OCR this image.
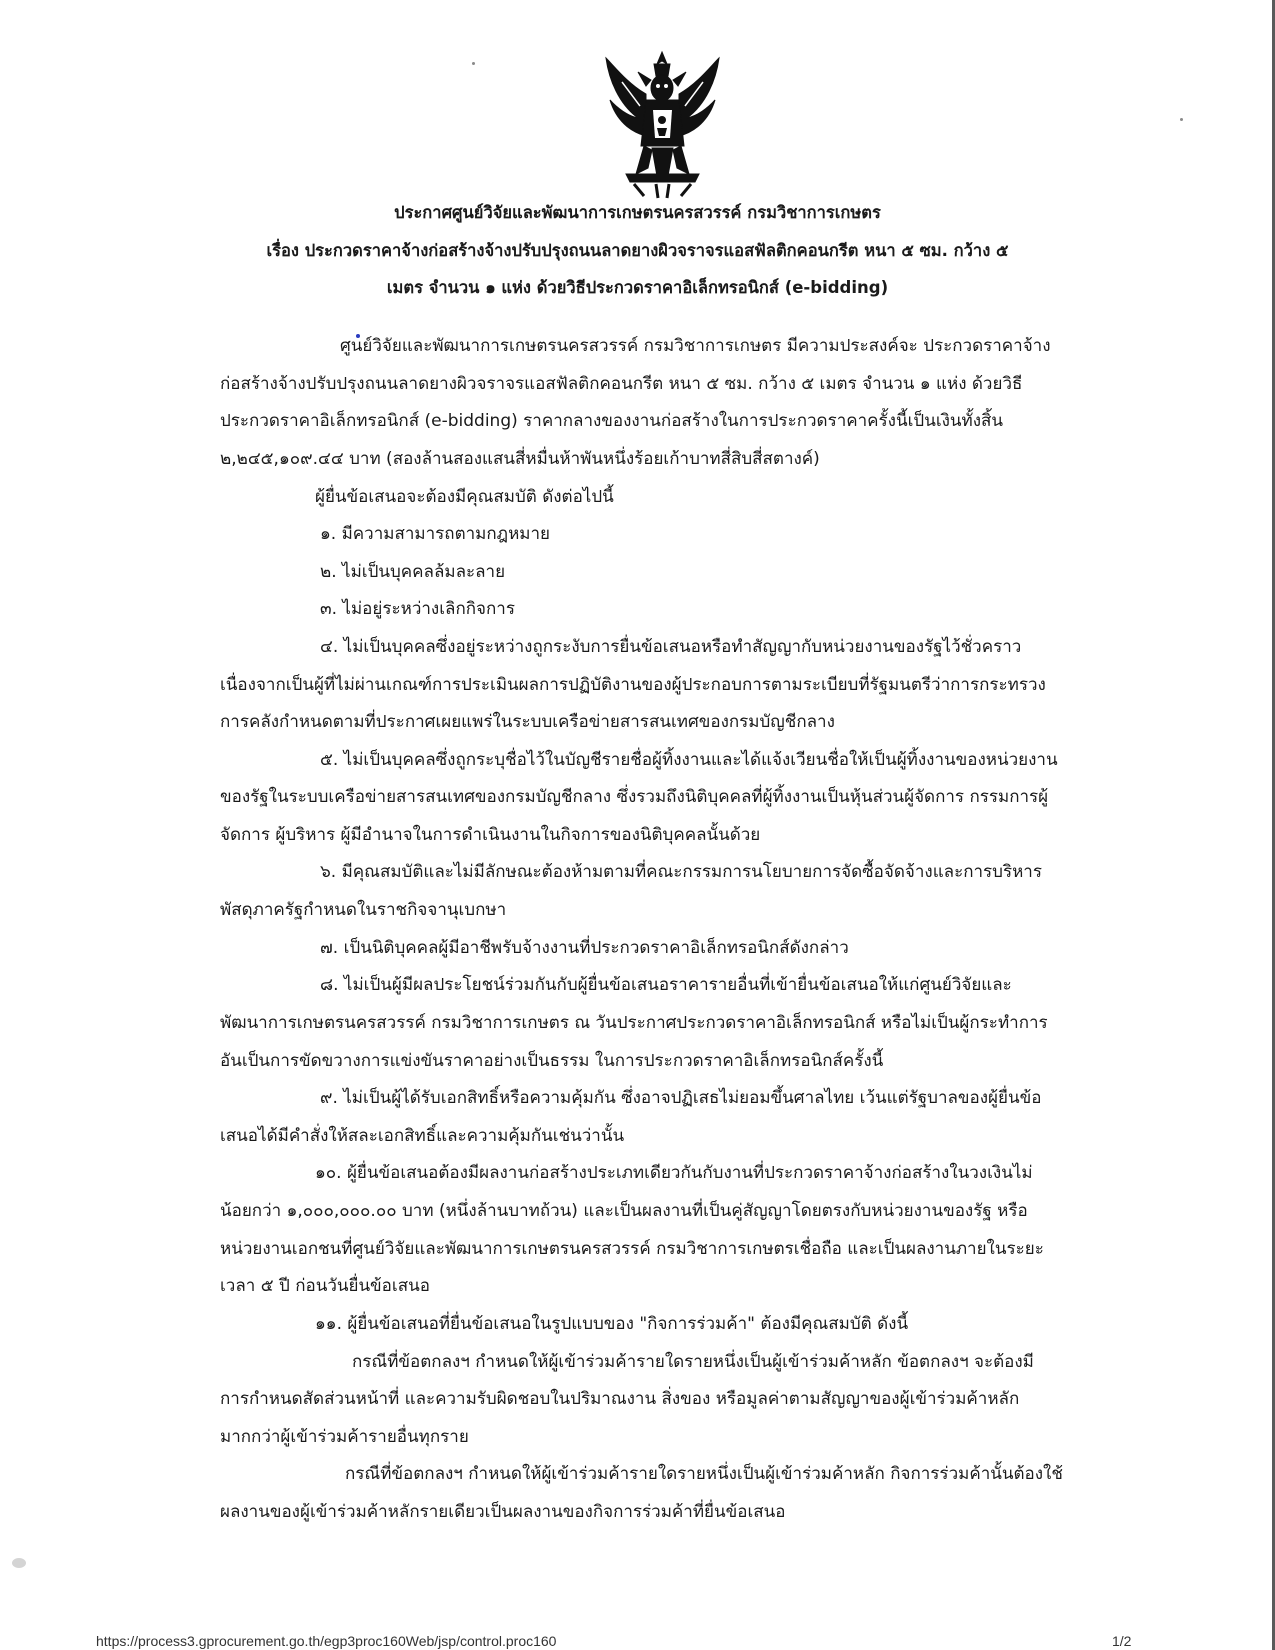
ประกาศศูนย์วิจัยและพัฒนาการเกษตรนครสวรรค์ กรมวิชาการเกษตร
เรื่อง ประกวดราคาจ้างก่อสร้างจ้างปรับปรุงถนนลาดยางผิวจราจรแอสฟัลติกคอนกรีต หนา ๕ ซม. กว้าง ๕
เมตร จำนวน ๑ แห่ง ด้วยวิธีประกวดราคาอิเล็กทรอนิกส์ (e-bidding)
ศูนย์วิจัยและพัฒนาการเกษตรนครสวรรค์ กรมวิชาการเกษตร มีความประสงค์จะ ประกวดราคาจ้าง
ก่อสร้างจ้างปรับปรุงถนนลาดยางผิวจราจรแอสฟัลติกคอนกรีต หนา ๕ ซม. กว้าง ๕ เมตร จำนวน ๑ แห่ง ด้วยวิธี
ประกวดราคาอิเล็กทรอนิกส์ (e-bidding) ราคากลางของงานก่อสร้างในการประกวดราคาครั้งนี้เป็นเงินทั้งสิ้น
๒,๒๔๕,๑๐๙.๔๔ บาท (สองล้านสองแสนสี่หมื่นห้าพันหนึ่งร้อยเก้าบาทสี่สิบสี่สตางค์)
ผู้ยื่นข้อเสนอจะต้องมีคุณสมบัติ ดังต่อไปนี้
๑. มีความสามารถตามกฎหมาย
๒. ไม่เป็นบุคคลล้มละลาย
๓. ไม่อยู่ระหว่างเลิกกิจการ
๔. ไม่เป็นบุคคลซึ่งอยู่ระหว่างถูกระงับการยื่นข้อเสนอหรือทำสัญญากับหน่วยงานของรัฐไว้ชั่วคราว
เนื่องจากเป็นผู้ที่ไม่ผ่านเกณฑ์การประเมินผลการปฏิบัติงานของผู้ประกอบการตามระเบียบที่รัฐมนตรีว่าการกระทรวง
การคลังกำหนดตามที่ประกาศเผยแพร่ในระบบเครือข่ายสารสนเทศของกรมบัญชีกลาง
๕. ไม่เป็นบุคคลซึ่งถูกระบุชื่อไว้ในบัญชีรายชื่อผู้ทิ้งงานและได้แจ้งเวียนชื่อให้เป็นผู้ทิ้งงานของหน่วยงาน
ของรัฐในระบบเครือข่ายสารสนเทศของกรมบัญชีกลาง ซึ่งรวมถึงนิติบุคคลที่ผู้ทิ้งงานเป็นหุ้นส่วนผู้จัดการ กรรมการผู้
จัดการ ผู้บริหาร ผู้มีอำนาจในการดำเนินงานในกิจการของนิติบุคคลนั้นด้วย
๖. มีคุณสมบัติและไม่มีลักษณะต้องห้ามตามที่คณะกรรมการนโยบายการจัดซื้อจัดจ้างและการบริหาร
พัสดุภาครัฐกำหนดในราชกิจจานุเบกษา
๗. เป็นนิติบุคคลผู้มีอาชีพรับจ้างงานที่ประกวดราคาอิเล็กทรอนิกส์ดังกล่าว
๘. ไม่เป็นผู้มีผลประโยชน์ร่วมกันกับผู้ยื่นข้อเสนอราคารายอื่นที่เข้ายื่นข้อเสนอให้แก่ศูนย์วิจัยและ
พัฒนาการเกษตรนครสวรรค์ กรมวิชาการเกษตร ณ วันประกาศประกวดราคาอิเล็กทรอนิกส์ หรือไม่เป็นผู้กระทำการ
อันเป็นการขัดขวางการแข่งขันราคาอย่างเป็นธรรม ในการประกวดราคาอิเล็กทรอนิกส์ครั้งนี้
๙. ไม่เป็นผู้ได้รับเอกสิทธิ์หรือความคุ้มกัน ซึ่งอาจปฏิเสธไม่ยอมขึ้นศาลไทย เว้นแต่รัฐบาลของผู้ยื่นข้อ
เสนอได้มีคำสั่งให้สละเอกสิทธิ์และความคุ้มกันเช่นว่านั้น
๑๐. ผู้ยื่นข้อเสนอต้องมีผลงานก่อสร้างประเภทเดียวกันกับงานที่ประกวดราคาจ้างก่อสร้างในวงเงินไม่
น้อยกว่า ๑,๐๐๐,๐๐๐.๐๐ บาท (หนึ่งล้านบาทถ้วน) และเป็นผลงานที่เป็นคู่สัญญาโดยตรงกับหน่วยงานของรัฐ หรือ
หน่วยงานเอกชนที่ศูนย์วิจัยและพัฒนาการเกษตรนครสวรรค์ กรมวิชาการเกษตรเชื่อถือ และเป็นผลงานภายในระยะ
เวลา ๕ ปี ก่อนวันยื่นข้อเสนอ
๑๑. ผู้ยื่นข้อเสนอที่ยื่นข้อเสนอในรูปแบบของ "กิจการร่วมค้า" ต้องมีคุณสมบัติ ดังนี้
กรณีที่ข้อตกลงฯ กำหนดให้ผู้เข้าร่วมค้ารายใดรายหนึ่งเป็นผู้เข้าร่วมค้าหลัก ข้อตกลงฯ จะต้องมี
การกำหนดสัดส่วนหน้าที่ และความรับผิดชอบในปริมาณงาน สิ่งของ หรือมูลค่าตามสัญญาของผู้เข้าร่วมค้าหลัก
มากกว่าผู้เข้าร่วมค้ารายอื่นทุกราย
กรณีที่ข้อตกลงฯ กำหนดให้ผู้เข้าร่วมค้ารายใดรายหนึ่งเป็นผู้เข้าร่วมค้าหลัก กิจการร่วมค้านั้นต้องใช้
ผลงานของผู้เข้าร่วมค้าหลักรายเดียวเป็นผลงานของกิจการร่วมค้าที่ยื่นข้อเสนอ
https://process3.gprocurement.go.th/egp3proc160Web/jsp/control.proc160	1/2
